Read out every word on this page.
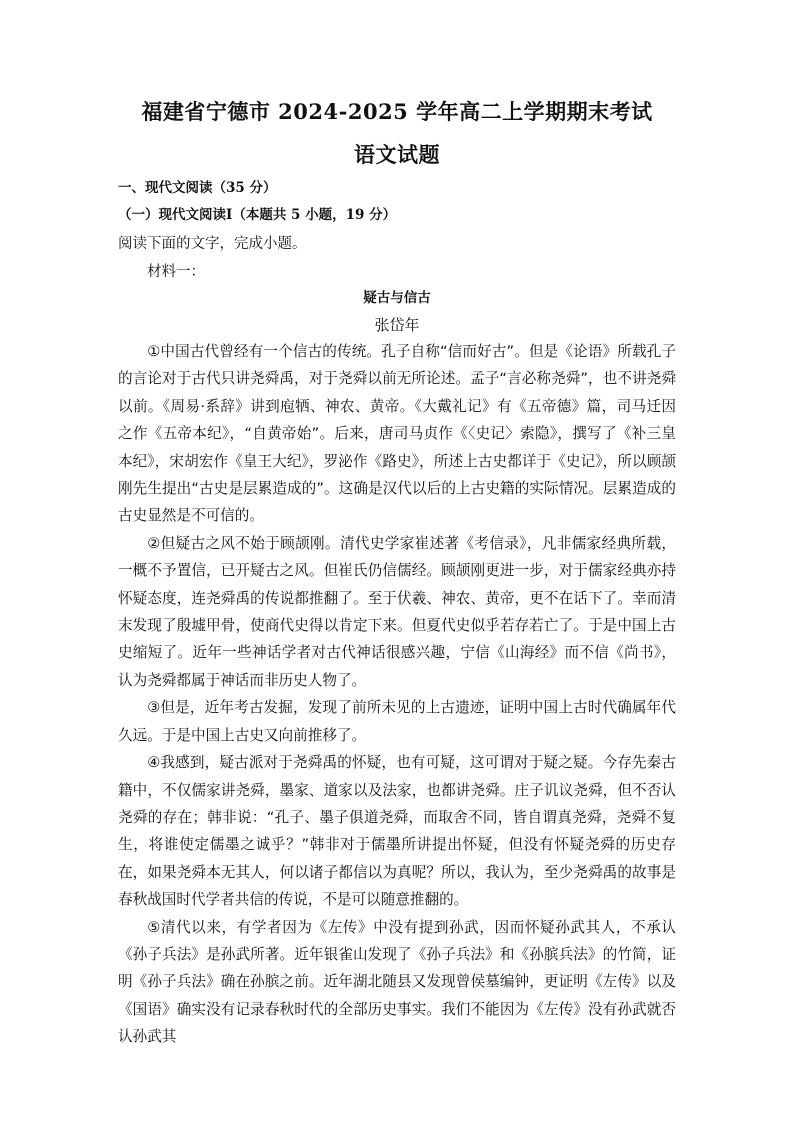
福建省宁德市 2024-2025 学年高二上学期期末考试
语文试题
一、现代文阅读（35 分）
（一）现代文阅读Ⅰ（本题共 5 小题，19 分）
阅读下面的文字，完成小题。
材料一：
疑古与信古
张岱年

①中国古代曾经有一个信古的传统。孔子自称“信而好古”。但是《论语》所载孔子的言论对于古代只讲尧舜禹，对于尧舜以前无所论述。孟子“言必称尧舜”，也不讲尧舜以前。《周易·系辞》讲到庖牺、神农、黄帝。《大戴礼记》有《五帝德》篇，司马迁因之作《五帝本纪》，“自黄帝始”。后来，唐司马贞作《〈史记〉索隐》，撰写了《补三皇本纪》，宋胡宏作《皇王大纪》，罗泌作《路史》，所述上古史都详于《史记》，所以顾颉刚先生提出“古史是层累造成的”。这确是汉代以后的上古史籍的实际情况。层累造成的古史显然是不可信的。

②但疑古之风不始于顾颉刚。清代史学家崔述著《考信录》，凡非儒家经典所载，一概不予置信，已开疑古之风。但崔氏仍信儒经。顾颉刚更进一步，对于儒家经典亦持怀疑态度，连尧舜禹的传说都推翻了。至于伏羲、神农、黄帝，更不在话下了。幸而清末发现了殷墟甲骨，使商代史得以肯定下来。但夏代史似乎若存若亡了。于是中国上古史缩短了。近年一些神话学者对古代神话很感兴趣，宁信《山海经》而不信《尚书》，认为尧舜都属于神话而非历史人物了。

③但是，近年考古发掘，发现了前所未见的上古遗迹，证明中国上古时代确属年代久远。于是中国上古史又向前推移了。

④我感到，疑古派对于尧舜禹的怀疑，也有可疑，这可谓对于疑之疑。今存先秦古籍中，不仅儒家讲尧舜，墨家、道家以及法家，也都讲尧舜。庄子讥议尧舜，但不否认尧舜的存在；韩非说：“孔子、墨子俱道尧舜，而取舍不同，皆自谓真尧舜，尧舜不复生，将谁使定儒墨之诚乎？”韩非对于儒墨所讲提出怀疑，但没有怀疑尧舜的历史存在，如果尧舜本无其人，何以诸子都信以为真呢？所以，我认为，至少尧舜禹的故事是春秋战国时代学者共信的传说，不是可以随意推翻的。

⑤清代以来，有学者因为《左传》中没有提到孙武，因而怀疑孙武其人，不承认《孙子兵法》是孙武所著。近年银雀山发现了《孙子兵法》和《孙膑兵法》的竹简，证明《孙子兵法》确在孙膑之前。近年湖北随县又发现曾侯墓编钟，更证明《左传》以及《国语》确实没有记录春秋时代的全部历史事实。我们不能因为《左传》没有孙武就否认孙武其
